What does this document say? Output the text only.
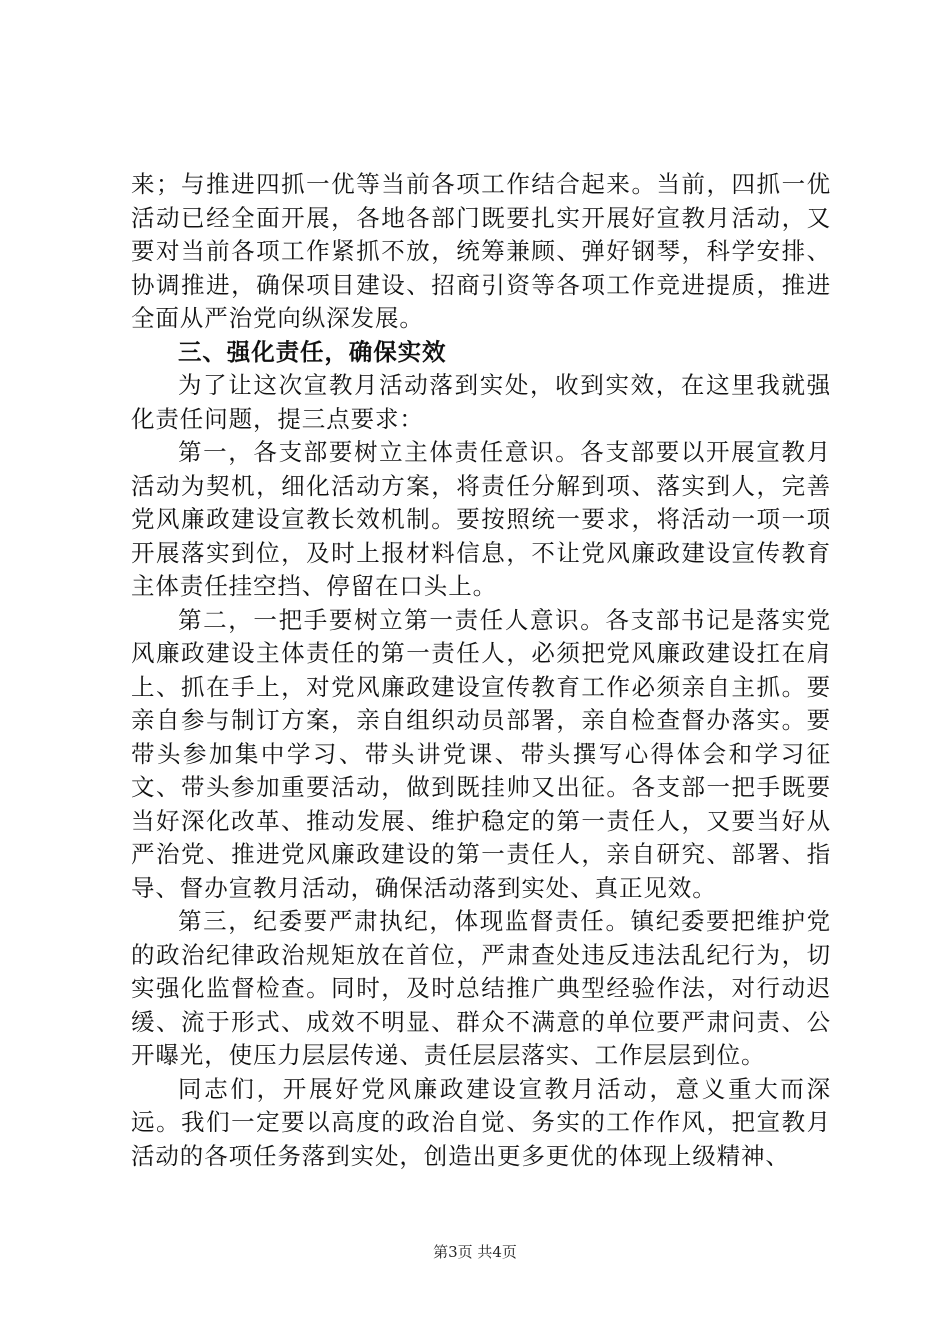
来；与推进四抓一优等当前各项工作结合起来。当前，四抓一优活动已经全面开展，各地各部门既要扎实开展好宣教月活动，又要对当前各项工作紧抓不放，统筹兼顾、弹好钢琴，科学安排、协调推进，确保项目建设、招商引资等各项工作竞进提质，推进全面从严治党向纵深发展。

三、强化责任，确保实效

为了让这次宣教月活动落到实处，收到实效，在这里我就强化责任问题，提三点要求：

第一，各支部要树立主体责任意识。各支部要以开展宣教月活动为契机，细化活动方案，将责任分解到项、落实到人，完善党风廉政建设宣教长效机制。要按照统一要求，将活动一项一项开展落实到位，及时上报材料信息，不让党风廉政建设宣传教育主体责任挂空挡、停留在口头上。

第二，一把手要树立第一责任人意识。各支部书记是落实党风廉政建设主体责任的第一责任人，必须把党风廉政建设扛在肩上、抓在手上，对党风廉政建设宣传教育工作必须亲自主抓。要亲自参与制订方案，亲自组织动员部署，亲自检查督办落实。要带头参加集中学习、带头讲党课、带头撰写心得体会和学习征文、带头参加重要活动，做到既挂帅又出征。各支部一把手既要当好深化改革、推动发展、维护稳定的第一责任人，又要当好从严治党、推进党风廉政建设的第一责任人，亲自研究、部署、指导、督办宣教月活动，确保活动落到实处、真正见效。

第三，纪委要严肃执纪，体现监督责任。镇纪委要把维护党的政治纪律政治规矩放在首位，严肃查处违反违法乱纪行为，切实强化监督检查。同时，及时总结推广典型经验作法，对行动迟缓、流于形式、成效不明显、群众不满意的单位要严肃问责、公开曝光，使压力层层传递、责任层层落实、工作层层到位。

同志们，开展好党风廉政建设宣教月活动，意义重大而深远。我们一定要以高度的政治自觉、务实的工作作风，把宣教月活动的各项任务落到实处，创造出更多更优的体现上级精神、

第3页 共4页
